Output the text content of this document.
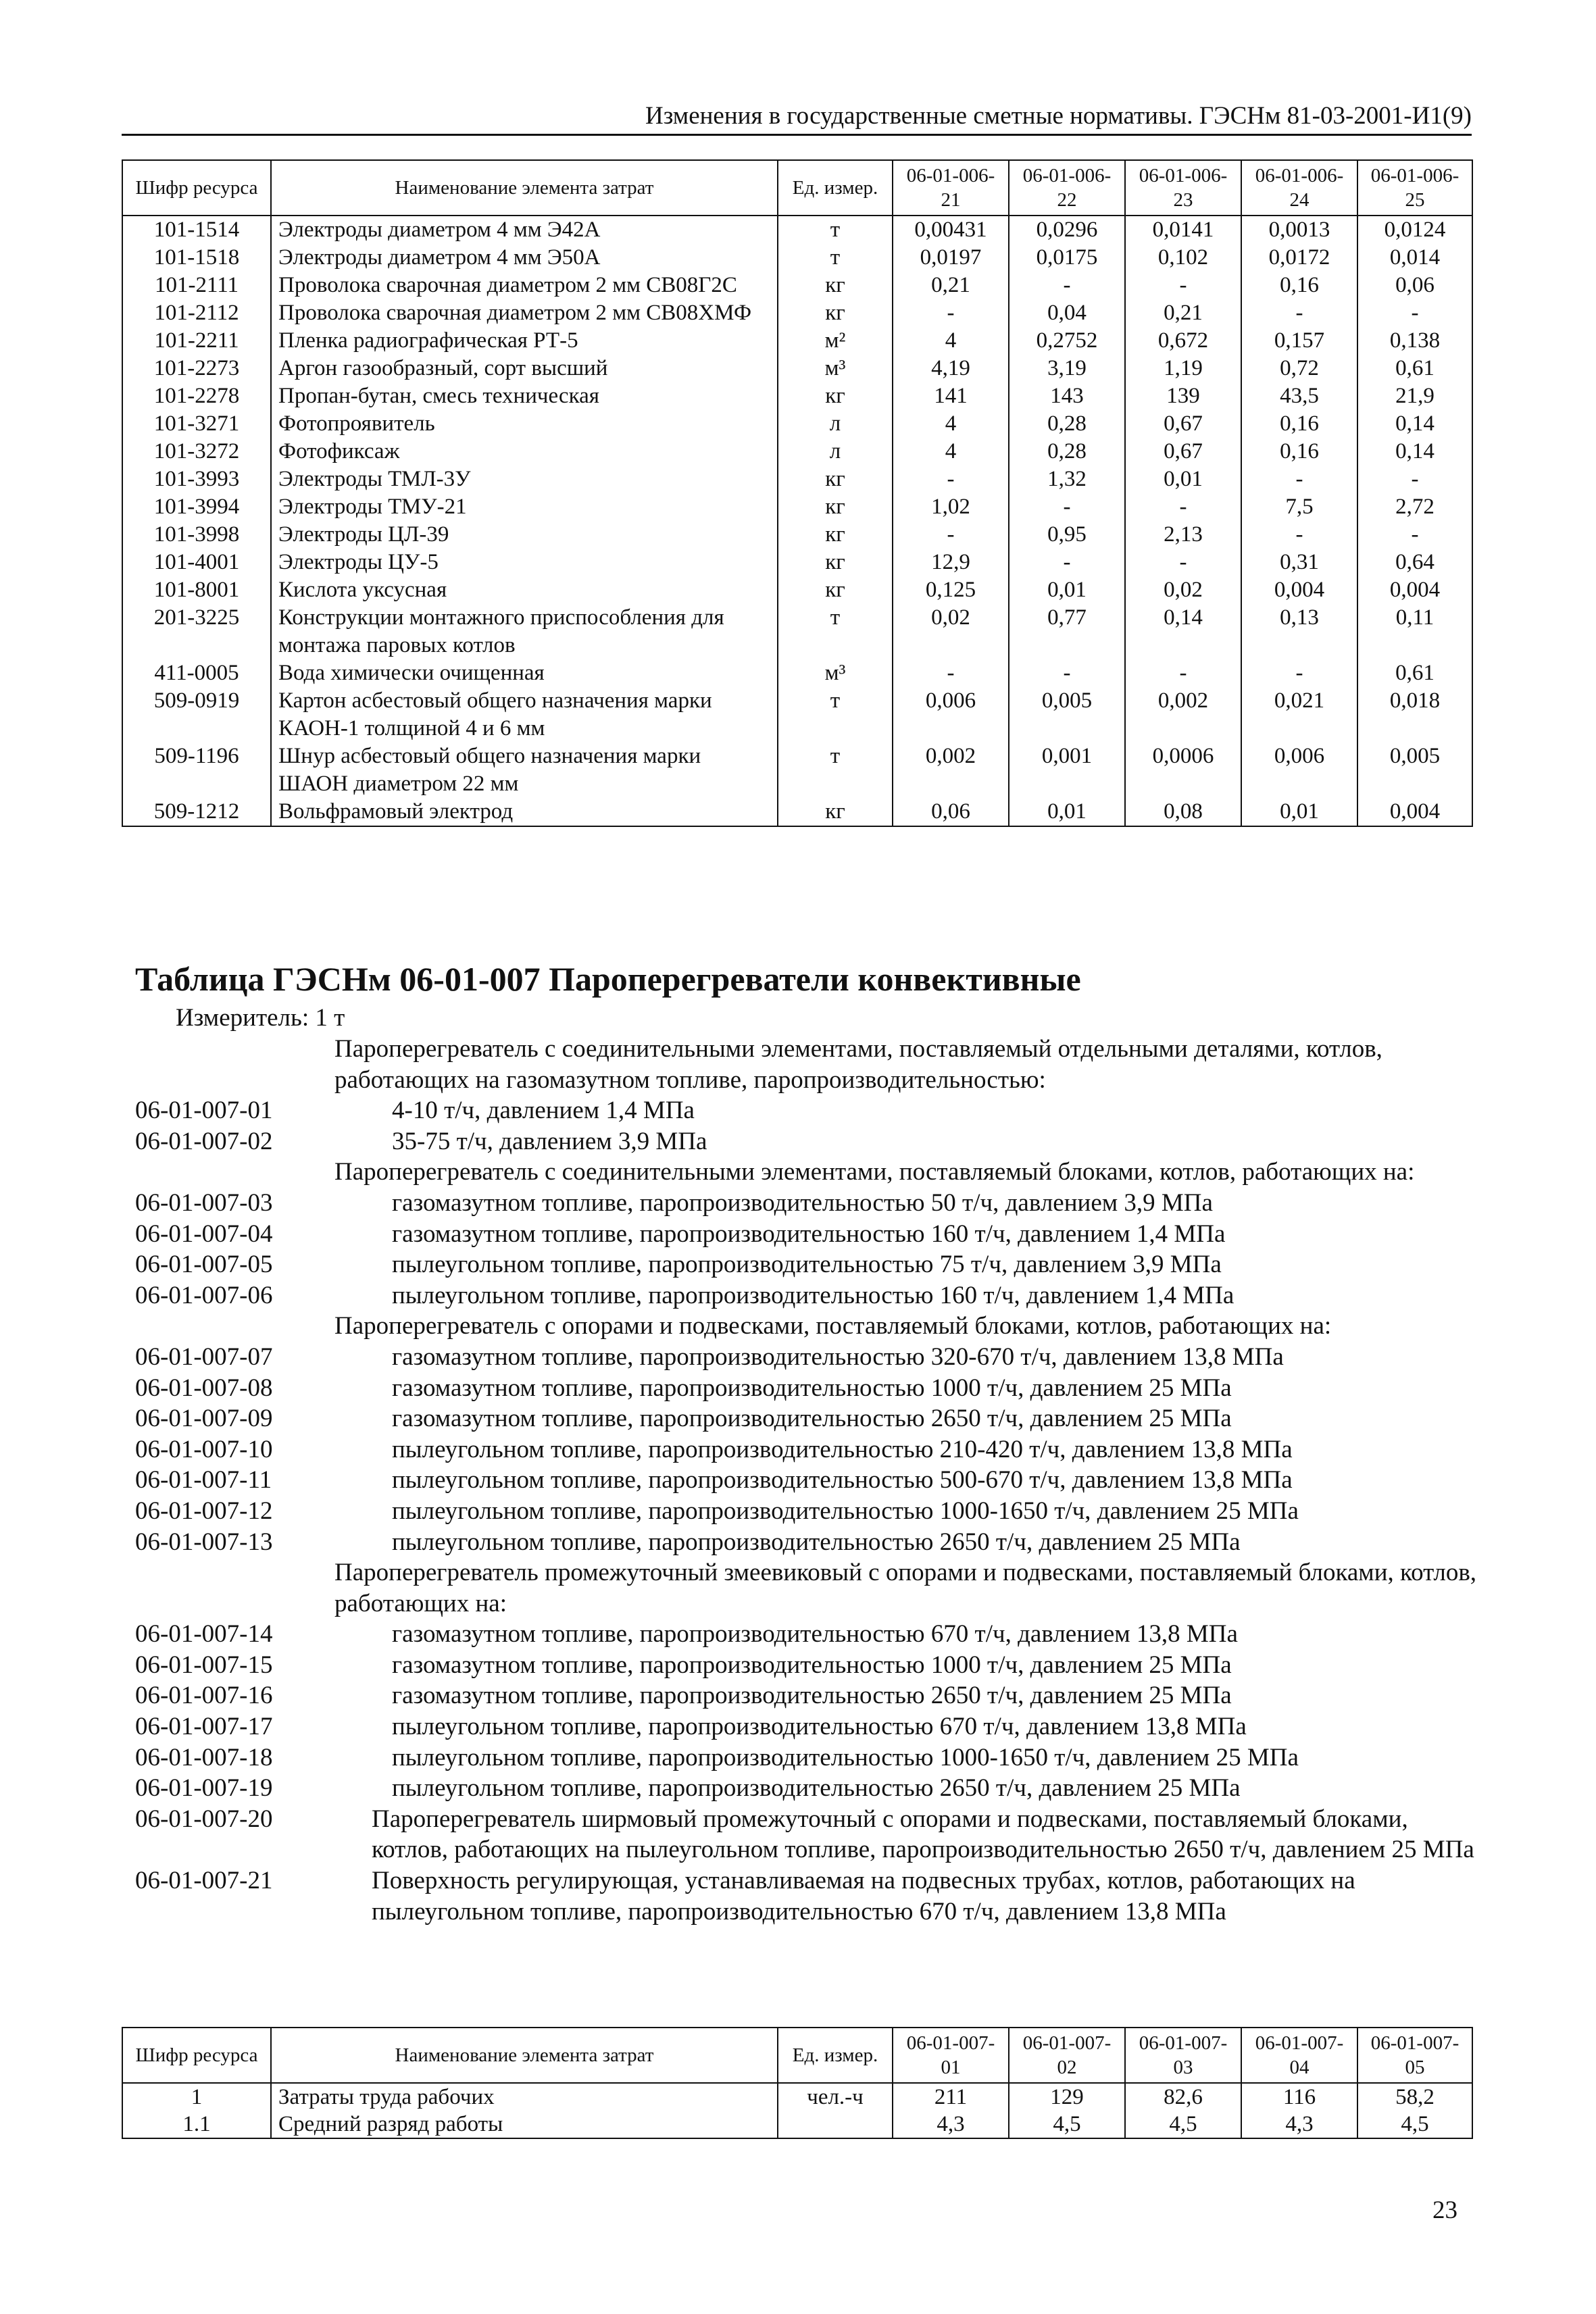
Изменения в государственные сметные нормативы. ГЭСНм 81-03-2001-И1(9)
Шифр ресурса	Наименование элемента затрат	Ед. измер.	06-01-006-21	06-01-006-22	06-01-006-23	06-01-006-24	06-01-006-25
101-1514	Электроды диаметром 4 мм Э42А	т	0,00431	0,0296	0,0141	0,0013	0,0124
101-1518	Электроды диаметром 4 мм Э50А	т	0,0197	0,0175	0,102	0,0172	0,014
101-2111	Проволока сварочная диаметром 2 мм СВ08Г2С	кг	0,21	-	-	0,16	0,06
101-2112	Проволока сварочная диаметром 2 мм СВ08ХМФ	кг	-	0,04	0,21	-	-
101-2211	Пленка радиографическая РТ-5	м²	4	0,2752	0,672	0,157	0,138
101-2273	Аргон газообразный, сорт высший	м³	4,19	3,19	1,19	0,72	0,61
101-2278	Пропан-бутан, смесь техническая	кг	141	143	139	43,5	21,9
101-3271	Фотопроявитель	л	4	0,28	0,67	0,16	0,14
101-3272	Фотофиксаж	л	4	0,28	0,67	0,16	0,14
101-3993	Электроды ТМЛ-3У	кг	-	1,32	0,01	-	-
101-3994	Электроды ТМУ-21	кг	1,02	-	-	7,5	2,72
101-3998	Электроды ЦЛ-39	кг	-	0,95	2,13	-	-
101-4001	Электроды ЦУ-5	кг	12,9	-	-	0,31	0,64
101-8001	Кислота уксусная	кг	0,125	0,01	0,02	0,004	0,004
201-3225	Конструкции монтажного приспособления для монтажа паровых котлов	т	0,02	0,77	0,14	0,13	0,11
411-0005	Вода химически очищенная	м³	-	-	-	-	0,61
509-0919	Картон асбестовый общего назначения марки КАОН-1 толщиной 4 и 6 мм	т	0,006	0,005	0,002	0,021	0,018
509-1196	Шнур асбестовый общего назначения марки ШАОН диаметром 22 мм	т	0,002	0,001	0,0006	0,006	0,005
509-1212	Вольфрамовый электрод	кг	0,06	0,01	0,08	0,01	0,004
Таблица ГЭСНм 06-01-007 Пароперегреватели конвективные
Измеритель: 1 т
Пароперегреватель с соединительными элементами, поставляемый отдельными деталями, котлов, работающих на газомазутном топливе, паропроизводительностью:
06-01-007-01	4-10 т/ч, давлением 1,4 МПа
06-01-007-02	35-75 т/ч, давлением 3,9 МПа
Пароперегреватель с соединительными элементами, поставляемый блоками, котлов, работающих на:
06-01-007-03	газомазутном топливе, паропроизводительностью 50 т/ч, давлением 3,9 МПа
06-01-007-04	газомазутном топливе, паропроизводительностью 160 т/ч, давлением 1,4 МПа
06-01-007-05	пылеугольном топливе, паропроизводительностью 75 т/ч, давлением 3,9 МПа
06-01-007-06	пылеугольном топливе, паропроизводительностью 160 т/ч, давлением 1,4 МПа
Пароперегреватель с опорами и подвесками, поставляемый блоками, котлов, работающих на:
06-01-007-07	газомазутном топливе, паропроизводительностью 320-670 т/ч, давлением 13,8 МПа
06-01-007-08	газомазутном топливе, паропроизводительностью 1000 т/ч, давлением 25 МПа
06-01-007-09	газомазутном топливе, паропроизводительностью 2650 т/ч, давлением 25 МПа
06-01-007-10	пылеугольном топливе, паропроизводительностью 210-420 т/ч, давлением 13,8 МПа
06-01-007-11	пылеугольном топливе, паропроизводительностью 500-670 т/ч, давлением 13,8 МПа
06-01-007-12	пылеугольном топливе, паропроизводительностью 1000-1650 т/ч, давлением 25 МПа
06-01-007-13	пылеугольном топливе, паропроизводительностью 2650 т/ч, давлением 25 МПа
Пароперегреватель промежуточный змеевиковый с опорами и подвесками, поставляемый блоками, котлов, работающих на:
06-01-007-14	газомазутном топливе, паропроизводительностью 670 т/ч, давлением 13,8 МПа
06-01-007-15	газомазутном топливе, паропроизводительностью 1000 т/ч, давлением 25 МПа
06-01-007-16	газомазутном топливе, паропроизводительностью 2650 т/ч, давлением 25 МПа
06-01-007-17	пылеугольном топливе, паропроизводительностью 670 т/ч, давлением 13,8 МПа
06-01-007-18	пылеугольном топливе, паропроизводительностью 1000-1650 т/ч, давлением 25 МПа
06-01-007-19	пылеугольном топливе, паропроизводительностью 2650 т/ч, давлением 25 МПа
06-01-007-20	Пароперегреватель ширмовый промежуточный с опорами и подвесками, поставляемый блоками, котлов, работающих на пылеугольном топливе, паропроизводительностью 2650 т/ч, давлением 25 МПа
06-01-007-21	Поверхность регулирующая, устанавливаемая на подвесных трубах, котлов, работающих на пылеугольном топливе, паропроизводительностью 670 т/ч, давлением 13,8 МПа
Шифр ресурса	Наименование элемента затрат	Ед. измер.	06-01-007-01	06-01-007-02	06-01-007-03	06-01-007-04	06-01-007-05
1	Затраты труда рабочих	чел.-ч	211	129	82,6	116	58,2
1.1	Средний разряд работы		4,3	4,5	4,5	4,3	4,5
23
